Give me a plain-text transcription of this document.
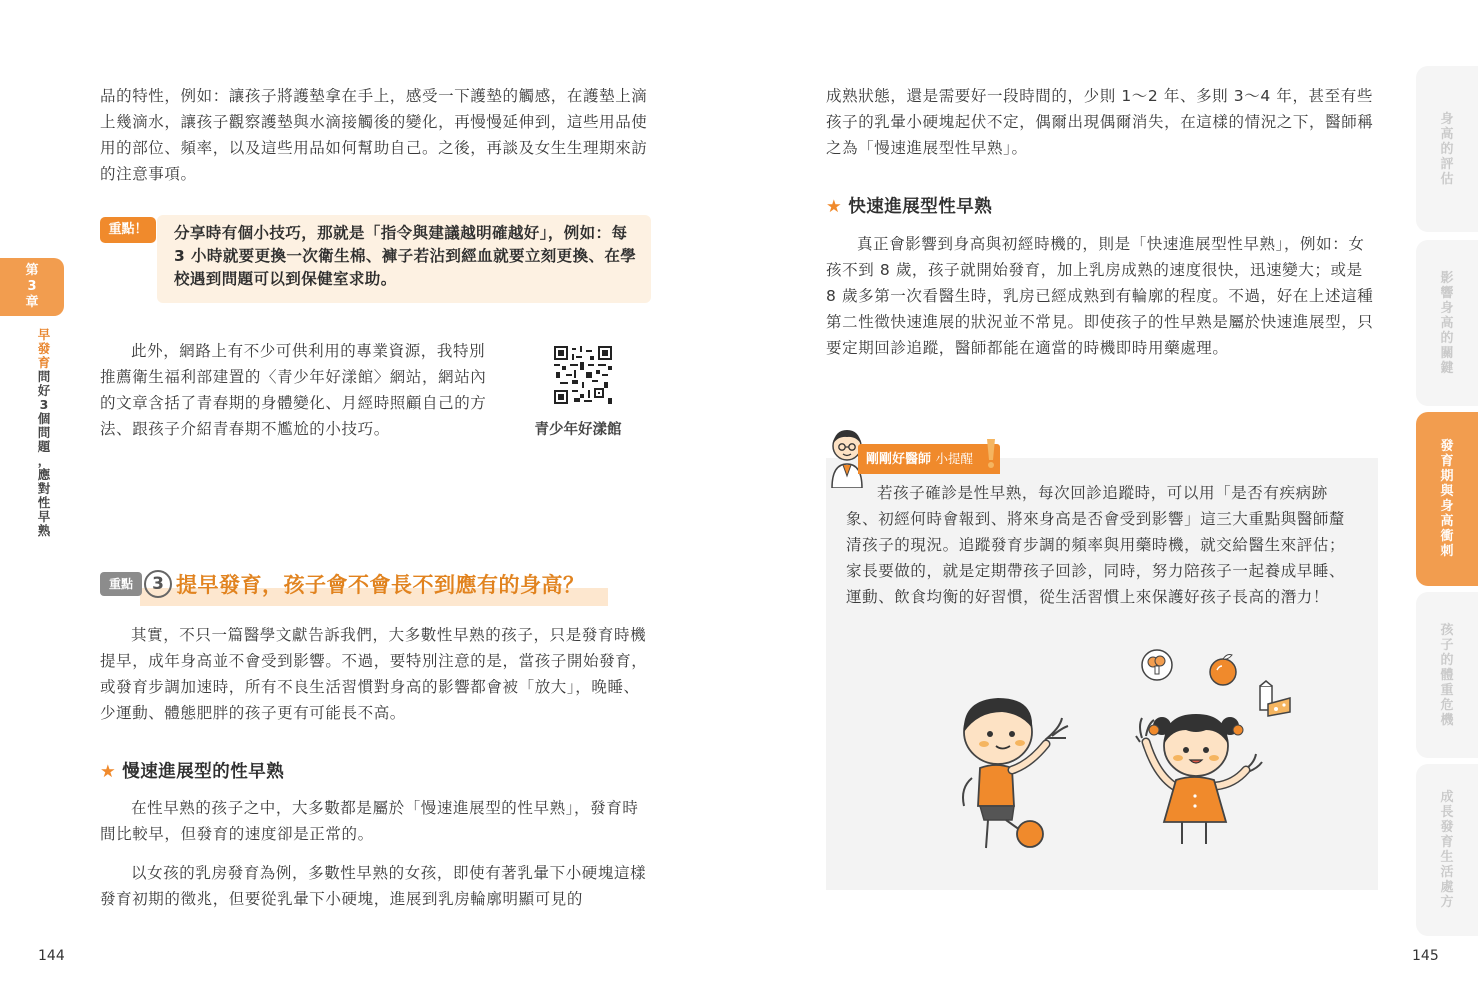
第
3
章
早
發
育
問
好
3
個
問
題
，
應
對
性
早
熟

品的特性，例如：讓孩子將護墊拿在手上，感受一下護墊的觸感，在護墊上滴上幾滴水，讓孩子觀察護墊與水滴接觸後的變化，再慢慢延伸到，這些用品使用的部位、頻率，以及這些用品如何幫助自己。之後，再談及女生生理期來訪的注意事項。

重點！	分享時有個小技巧，那就是「指令與建議越明確越好」，例如：每 3 小時就要更換一次衛生棉、褲子若沾到經血就要立刻更換、在學校遇到問題可以到保健室求助。

此外，網路上有不少可供利用的專業資源，我特別推薦衛生福利部建置的〈青少年好漾館〉網站，網站內的文章含括了青春期的身體變化、月經時照顧自己的方法、跟孩子介紹青春期不尷尬的小技巧。	青少年好漾館
重點	3 提早發育，孩子會不會長不到應有的身高？

其實，不只一篇醫學文獻告訴我們，大多數性早熟的孩子，只是發育時機提早，成年身高並不會受到影響。不過，要特別注意的是，當孩子開始發育，或發育步調加速時，所有不良生活習慣對身高的影響都會被「放大」，晚睡、少運動、體態肥胖的孩子更有可能長不高。

★ 慢速進展型的性早熟

在性早熟的孩子之中，大多數都是屬於「慢速進展型的性早熟」，發育時間比較早，但發育的速度卻是正常的。

以女孩的乳房發育為例，多數性早熟的女孩，即使有著乳暈下小硬塊這樣發育初期的徵兆，但要從乳暈下小硬塊，進展到乳房輪廓明顯可見的

144

成熟狀態，還是需要好一段時間的，少則 1～2 年、多則 3～4 年，甚至有些孩子的乳暈小硬塊起伏不定，偶爾出現偶爾消失，在這樣的情況之下，醫師稱之為「慢速進展型性早熟」。

★ 快速進展型性早熟

真正會影響到身高與初經時機的，則是「快速進展型性早熟」，例如：女孩不到 8 歲，孩子就開始發育，加上乳房成熟的速度很快，迅速變大；或是 8 歲多第一次看醫生時，乳房已經成熟到有輪廓的程度。不過，好在上述這種第二性徵快速進展的狀況並不常見。即使孩子的性早熟是屬於快速進展型，只要定期回診追蹤，醫師都能在適當的時機即時用藥處理。

剛剛好醫師 小提醒

若孩子確診是性早熟，每次回診追蹤時，可以用「是否有疾病跡象、初經何時會報到、將來身高是否會受到影響」這三大重點與醫師釐清孩子的現況。追蹤發育步調的頻率與用藥時機，就交給醫生來評估；家長要做的，就是定期帶孩子回診，同時，努力陪孩子一起養成早睡、運動、飲食均衡的好習慣，從生活習慣上來保護好孩子長高的潛力！

身
高
的
評
估
影
響
身
高
的
關
鍵
發
育
期
與
身
高
衝
刺
孩
子
的
體
重
危
機
成
長
發
育
生
活
處
方
145
